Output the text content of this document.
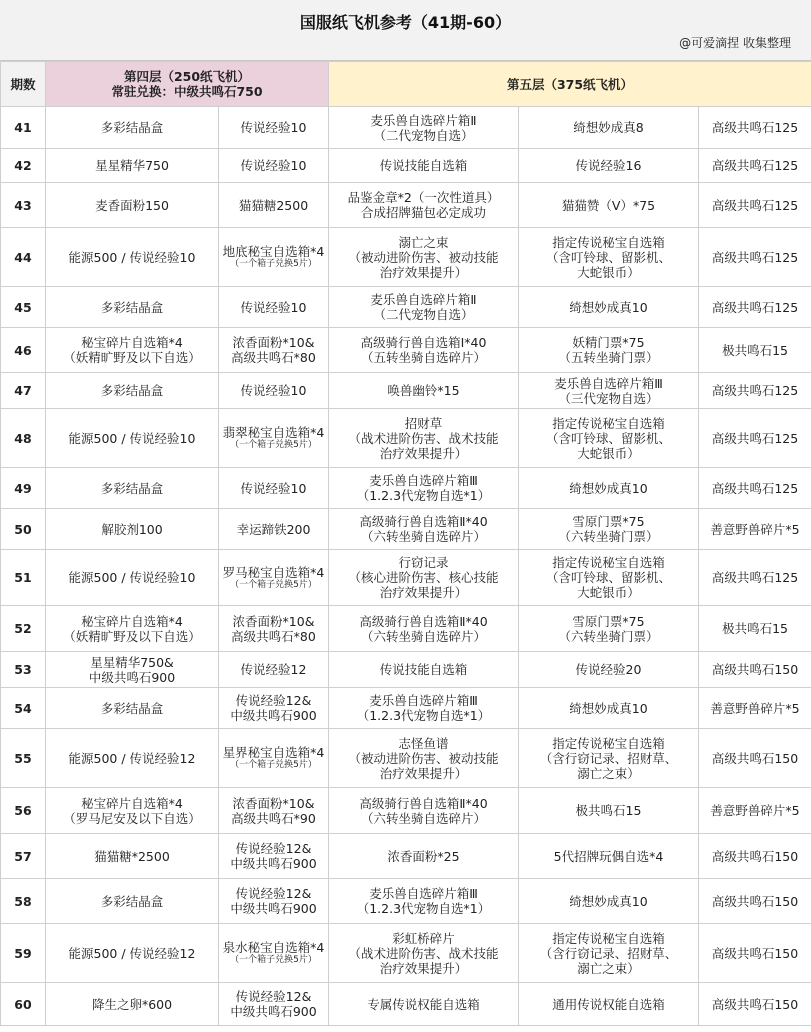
国服纸飞机参考（41期-60）
@可爱滴捏 收集整理
期数	第四层（250纸飞机）
常驻兑换：中级共鸣石750		第五层（375纸飞机）		
41	多彩结晶盒	传说经验10	麦乐兽自选碎片箱Ⅱ
（二代宠物自选）	绮想妙成真8	高级共鸣石125

42	星星精华750	传说经验10	传说技能自选箱	传说经验16	高级共鸣石125

43	麦香面粉150	猫猫糖2500	品鉴金章*2（一次性道具）
合成招牌猫包必定成功	猫猫赞（Ⅴ）*75	高级共鸣石125

44	能源500 / 传说经验10	地底秘宝自选箱*4
（一个箱子兑换5片）	溺亡之束
（被动进阶伤害、被动技能
治疗效果提升）	指定传说秘宝自选箱
（含叮铃球、留影机、
大蛇银币）	高级共鸣石125

45	多彩结晶盒	传说经验10	麦乐兽自选碎片箱Ⅱ
（二代宠物自选）	绮想妙成真10	高级共鸣石125

46	秘宝碎片自选箱*4
（妖精旷野及以下自选）	浓香面粉*10&
高级共鸣石*80	高级骑行兽自选箱Ⅰ*40
（五转坐骑自选碎片）	妖精门票*75
（五转坐骑门票）	极共鸣石15

47	多彩结晶盒	传说经验10	唤兽幽铃*15	麦乐兽自选碎片箱Ⅲ
（三代宠物自选）	高级共鸣石125

48	能源500 / 传说经验10	翡翠秘宝自选箱*4
（一个箱子兑换5片）	招财草
（战术进阶伤害、战术技能
治疗效果提升）	指定传说秘宝自选箱
（含叮铃球、留影机、
大蛇银币）	高级共鸣石125

49	多彩结晶盒	传说经验10	麦乐兽自选碎片箱Ⅲ
（1.2.3代宠物自选*1）	绮想妙成真10	高级共鸣石125

50	解胶剂100	幸运蹄铁200	高级骑行兽自选箱Ⅱ*40
（六转坐骑自选碎片）	雪原门票*75
（六转坐骑门票）	善意野兽碎片*5

51	能源500 / 传说经验10	罗马秘宝自选箱*4
（一个箱子兑换5片）	行窃记录
（核心进阶伤害、核心技能
治疗效果提升）	指定传说秘宝自选箱
（含叮铃球、留影机、
大蛇银币）	高级共鸣石125

52	秘宝碎片自选箱*4
（妖精旷野及以下自选）	浓香面粉*10&
高级共鸣石*80	高级骑行兽自选箱Ⅱ*40
（六转坐骑自选碎片）	雪原门票*75
（六转坐骑门票）	极共鸣石15

53	星星精华750&
中级共鸣石900	传说经验12	传说技能自选箱	传说经验20	高级共鸣石150

54	多彩结晶盒	传说经验12&
中级共鸣石900	麦乐兽自选碎片箱Ⅲ
（1.2.3代宠物自选*1）	绮想妙成真10	善意野兽碎片*5

55	能源500 / 传说经验12	星界秘宝自选箱*4
（一个箱子兑换5片）	志怪鱼谱
（被动进阶伤害、被动技能
治疗效果提升）	指定传说秘宝自选箱
（含行窃记录、招财草、
溺亡之束）	高级共鸣石150

56	秘宝碎片自选箱*4
（罗马尼安及以下自选）	浓香面粉*10&
高级共鸣石*90	高级骑行兽自选箱Ⅱ*40
（六转坐骑自选碎片）	极共鸣石15	善意野兽碎片*5

57	猫猫糖*2500	传说经验12&
中级共鸣石900	浓香面粉*25	5代招牌玩偶自选*4	高级共鸣石150

58	多彩结晶盒	传说经验12&
中级共鸣石900	麦乐兽自选碎片箱Ⅲ
（1.2.3代宠物自选*1）	绮想妙成真10	高级共鸣石150

59	能源500 / 传说经验12	泉水秘宝自选箱*4
（一个箱子兑换5片）	彩虹桥碎片
（战术进阶伤害、战术技能
治疗效果提升）	指定传说秘宝自选箱
（含行窃记录、招财草、
溺亡之束）	高级共鸣石150

60	降生之卵*600	传说经验12&
中级共鸣石900	专属传说权能自选箱	通用传说权能自选箱	高级共鸣石150
